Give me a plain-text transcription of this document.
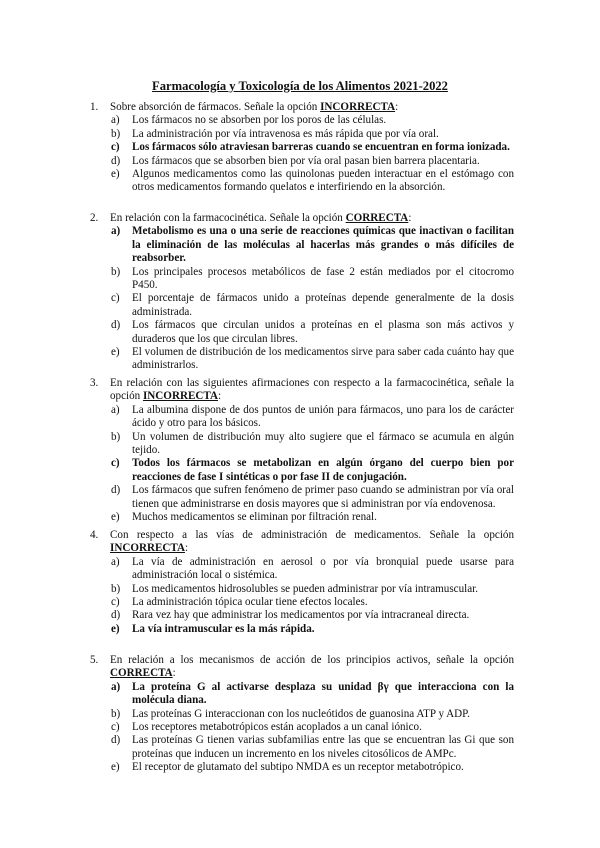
Farmacología y Toxicología de los Alimentos 2021-2022
1. Sobre absorción de fármacos. Señale la opción INCORRECTA:
a) Los fármacos no se absorben por los poros de las células.
b) La administración por vía intravenosa es más rápida que por vía oral.
c) Los fármacos sólo atraviesan barreras cuando se encuentran en forma ionizada.
d) Los fármacos que se absorben bien por vía oral pasan bien barrera placentaria.
e) Algunos medicamentos como las quinolonas pueden interactuar en el estómago con otros medicamentos formando quelatos e interfiriendo en la absorción.
2. En relación con la farmacocinética. Señale la opción CORRECTA:
a) Metabolismo es una o una serie de reacciones químicas que inactivan o facilitan la eliminación de las moléculas al hacerlas más grandes o más difíciles de reabsorber.
b) Los principales procesos metabólicos de fase 2 están mediados por el citocromo P450.
c) El porcentaje de fármacos unido a proteínas depende generalmente de la dosis administrada.
d) Los fármacos que circulan unidos a proteínas en el plasma son más activos y duraderos que los que circulan libres.
e) El volumen de distribución de los medicamentos sirve para saber cada cuánto hay que administrarlos.
3. En relación con las siguientes afirmaciones con respecto a la farmacocinética, señale la opción INCORRECTA:
a) La albumina dispone de dos puntos de unión para fármacos, uno para los de carácter ácido y otro para los básicos.
b) Un volumen de distribución muy alto sugiere que el fármaco se acumula en algún tejido.
c) Todos los fármacos se metabolizan en algún órgano del cuerpo bien por reacciones de fase I sintéticas o por fase II de conjugación.
d) Los fármacos que sufren fenómeno de primer paso cuando se administran por vía oral tienen que administrarse en dosis mayores que si administran por vía endovenosa.
e) Muchos medicamentos se eliminan por filtración renal.
4. Con respecto a las vías de administración de medicamentos. Señale la opción INCORRECTA:
a) La vía de administración en aerosol o por vía bronquial puede usarse para administración local o sistémica.
b) Los medicamentos hidrosolubles se pueden administrar por vía intramuscular.
c) La administración tópica ocular tiene efectos locales.
d) Rara vez hay que administrar los medicamentos por vía intracraneal directa.
e) La vía intramuscular es la más rápida.
5. En relación a los mecanismos de acción de los principios activos, señale la opción CORRECTA:
a) La proteína G al activarse desplaza su unidad βγ que interacciona con la molécula diana.
b) Las proteínas G interaccionan con los nucleótidos de guanosina ATP y ADP.
c) Los receptores metabotrópicos están acoplados a un canal iónico.
d) Las proteínas G tienen varias subfamilias entre las que se encuentran las Gi que son proteínas que inducen un incremento en los niveles citosólicos de AMPc.
e) El receptor de glutamato del subtipo NMDA es un receptor metabotrópico.
